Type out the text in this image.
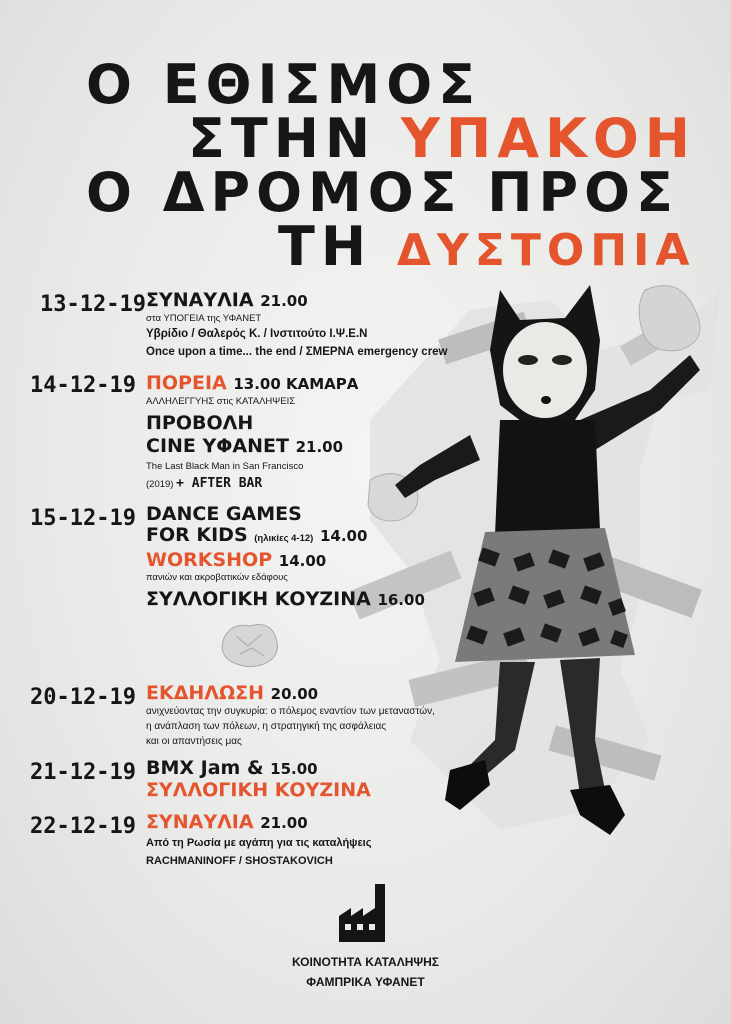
Ο ΕΘΙΣΜΟΣ
ΣΤΗΝ ΥΠΑΚΟΗ
Ο ΔΡΟΜΟΣ ΠΡΟΣ
ΤΗ ΔΥΣΤΟΠΙΑ
13-12-19 ΣΥΝΑΥΛΙΑ 21.00
στα ΥΠΟΓΕΙΑ της ΥΦΑΝΕΤ
Υβρίδιο / Θαλερός Κ. / Ινστιτούτο Ι.Ψ.Ε.Ν
Once upon a time... the end / ΣΜΕΡΝΑ emergency crew
14-12-19 ΠΟΡΕΙΑ 13.00 ΚΑΜΑΡΑ
ΑΛΛΗΛΕΓΓΥΗΣ στις ΚΑΤΑΛΗΨΕΙΣ
ΠΡΟΒΟΛΗ
CINE ΥΦΑΝΕΤ 21.00
The Last Black Man in San Francisco
(2019) + AFTER BAR
15-12-19 DANCE GAMES
FOR KIDS (ηλικίες 4-12) 14.00
WORKSHOP 14.00
πανιών και ακροβατικών εδάφους
ΣΥΛΛΟΓΙΚΗ ΚΟΥΖΙΝΑ 16.00
20-12-19 ΕΚΔΗΛΩΣΗ 20.00
ανιχνεύοντας την συγκυρία: ο πόλεμος εναντίον των μεταναστών,
η ανάπλαση των πόλεων, η στρατηγική της ασφάλειας
και οι απαντήσεις μας
21-12-19 BMX Jam & 15.00
ΣΥΛΛΟΓΙΚΗ ΚΟΥΖΙΝΑ
22-12-19 ΣΥΝΑΥΛΙΑ 21.00
Από τη Ρωσία με αγάπη για τις καταλήψεις
RACHMANINOFF / SHOSTAKOVICH
ΚΟΙΝΟΤΗΤΑ ΚΑΤΑΛΗΨΗΣ
ΦΑΜΠΡΙΚΑ ΥΦΑΝΕΤ
